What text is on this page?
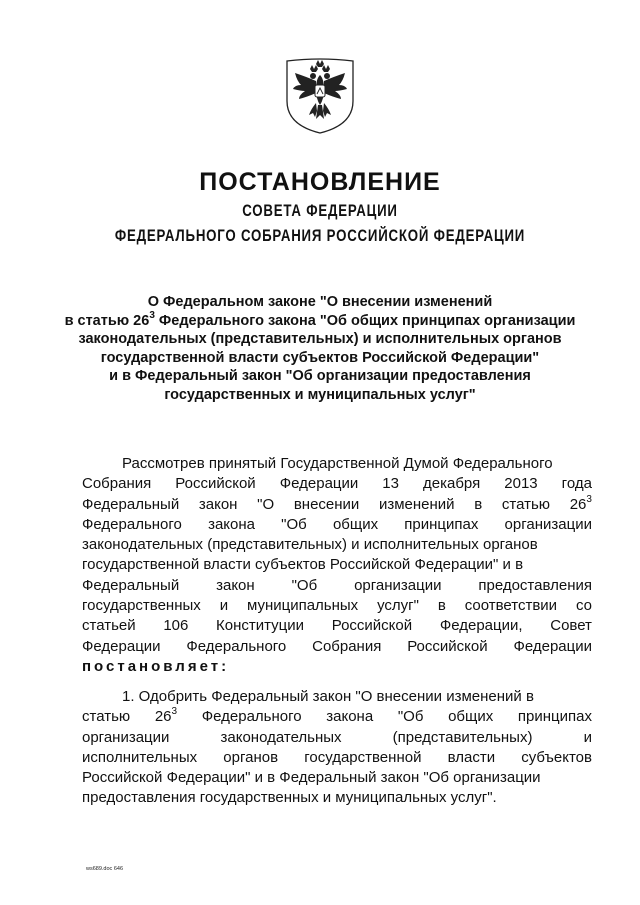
ПОСТАНОВЛЕНИЕ
СОВЕТА ФЕДЕРАЦИИ
ФЕДЕРАЛЬНОГО СОБРАНИЯ РОССИЙСКОЙ ФЕДЕРАЦИИ
О Федеральном законе "О внесении изменений
в статью $26^3$ Федерального закона "Об общих принципах организации
законодательных (представительных) и исполнительных органов
государственной власти субъектов Российской Федерации"
и в Федеральный закон "Об организации предоставления
государственных и муниципальных услуг"
Рассмотрев принятый Государственной Думой Федерального
Собрания Российской Федерации 13 декабря 2013 года
Федеральный закон "О внесении изменений в статью $26^3$
Федерального закона "Об общих принципах организации
законодательных (представительных) и исполнительных органов
государственной власти субъектов Российской Федерации" и в
Федеральный закон "Об организации предоставления
государственных и муниципальных услуг" в соответствии со
статьей 106 Конституции Российской Федерации, Совет
Федерации Федерального Собрания Российской Федерации
постановляет:
1. Одобрить Федеральный закон "О внесении изменений в
статью $26^3$ Федерального закона "Об общих принципах
организации	законодательных	(представительных)	и
исполнительных органов государственной власти субъектов
Российской Федерации" и в Федеральный закон "Об организации
предоставления государственных и муниципальных услуг".
ws689.doc 646
